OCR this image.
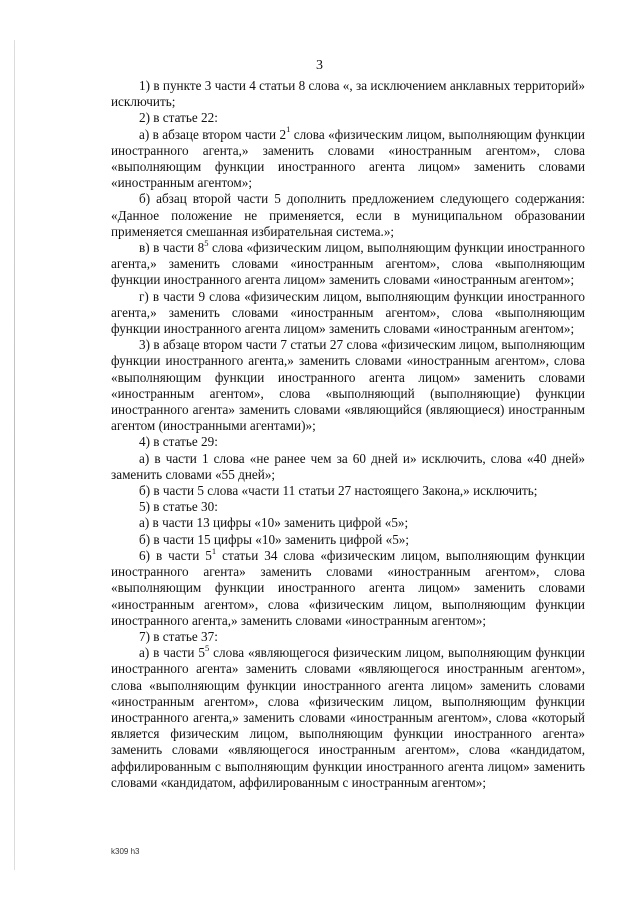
3

1) в пункте 3 части 4 статьи 8 слова «, за исключением анклавных территорий» исключить;

2) в статье 22:

а) в абзаце втором части $2^1$ слова «физическим лицом, выполняющим функции иностранного агента,» заменить словами «иностранным агентом», слова «выполняющим функции иностранного агента лицом» заменить словами «иностранным агентом»;

б) абзац второй части 5 дополнить предложением следующего содержания: «Данное положение не применяется, если в муниципальном образовании применяется смешанная избирательная система.»;

в) в части $8^5$ слова «физическим лицом, выполняющим функции иностранного агента,» заменить словами «иностранным агентом», слова «выполняющим функции иностранного агента лицом» заменить словами «иностранным агентом»;

г) в части 9 слова «физическим лицом, выполняющим функции иностранного агента,» заменить словами «иностранным агентом», слова «выполняющим функции иностранного агента лицом» заменить словами «иностранным агентом»;

3) в абзаце втором части 7 статьи 27 слова «физическим лицом, выполняющим функции иностранного агента,» заменить словами «иностранным агентом», слова «выполняющим функции иностранного агента лицом» заменить словами «иностранным агентом», слова «выполняющий (выполняющие) функции иностранного агента» заменить словами «являющийся (являющиеся) иностранным агентом (иностранными агентами)»;

4) в статье 29:

а) в части 1 слова «не ранее чем за 60 дней и» исключить, слова «40 дней» заменить словами «55 дней»;

б) в части 5 слова «части 11 статьи 27 настоящего Закона,» исключить;

5) в статье 30:

а) в части 13 цифры «10» заменить цифрой «5»;

б) в части 15 цифры «10» заменить цифрой «5»;

6) в части $5^1$ статьи 34 слова «физическим лицом, выполняющим функции иностранного агента» заменить словами «иностранным агентом», слова «выполняющим функции иностранного агента лицом» заменить словами «иностранным агентом», слова «физическим лицом, выполняющим функции иностранного агента,» заменить словами «иностранным агентом»;

7) в статье 37:

а) в части $5^5$ слова «являющегося физическим лицом, выполняющим функции иностранного агента» заменить словами «являющегося иностранным агентом», слова «выполняющим функции иностранного агента лицом» заменить словами «иностранным агентом», слова «физическим лицом, выполняющим функции иностранного агента,» заменить словами «иностранным агентом», слова «который является физическим лицом, выполняющим функции иностранного агента» заменить словами «являющегося иностранным агентом», слова «кандидатом, аффилированным с выполняющим функции иностранного агента лицом» заменить словами «кандидатом, аффилированным с иностранным агентом»;

k309 h3
